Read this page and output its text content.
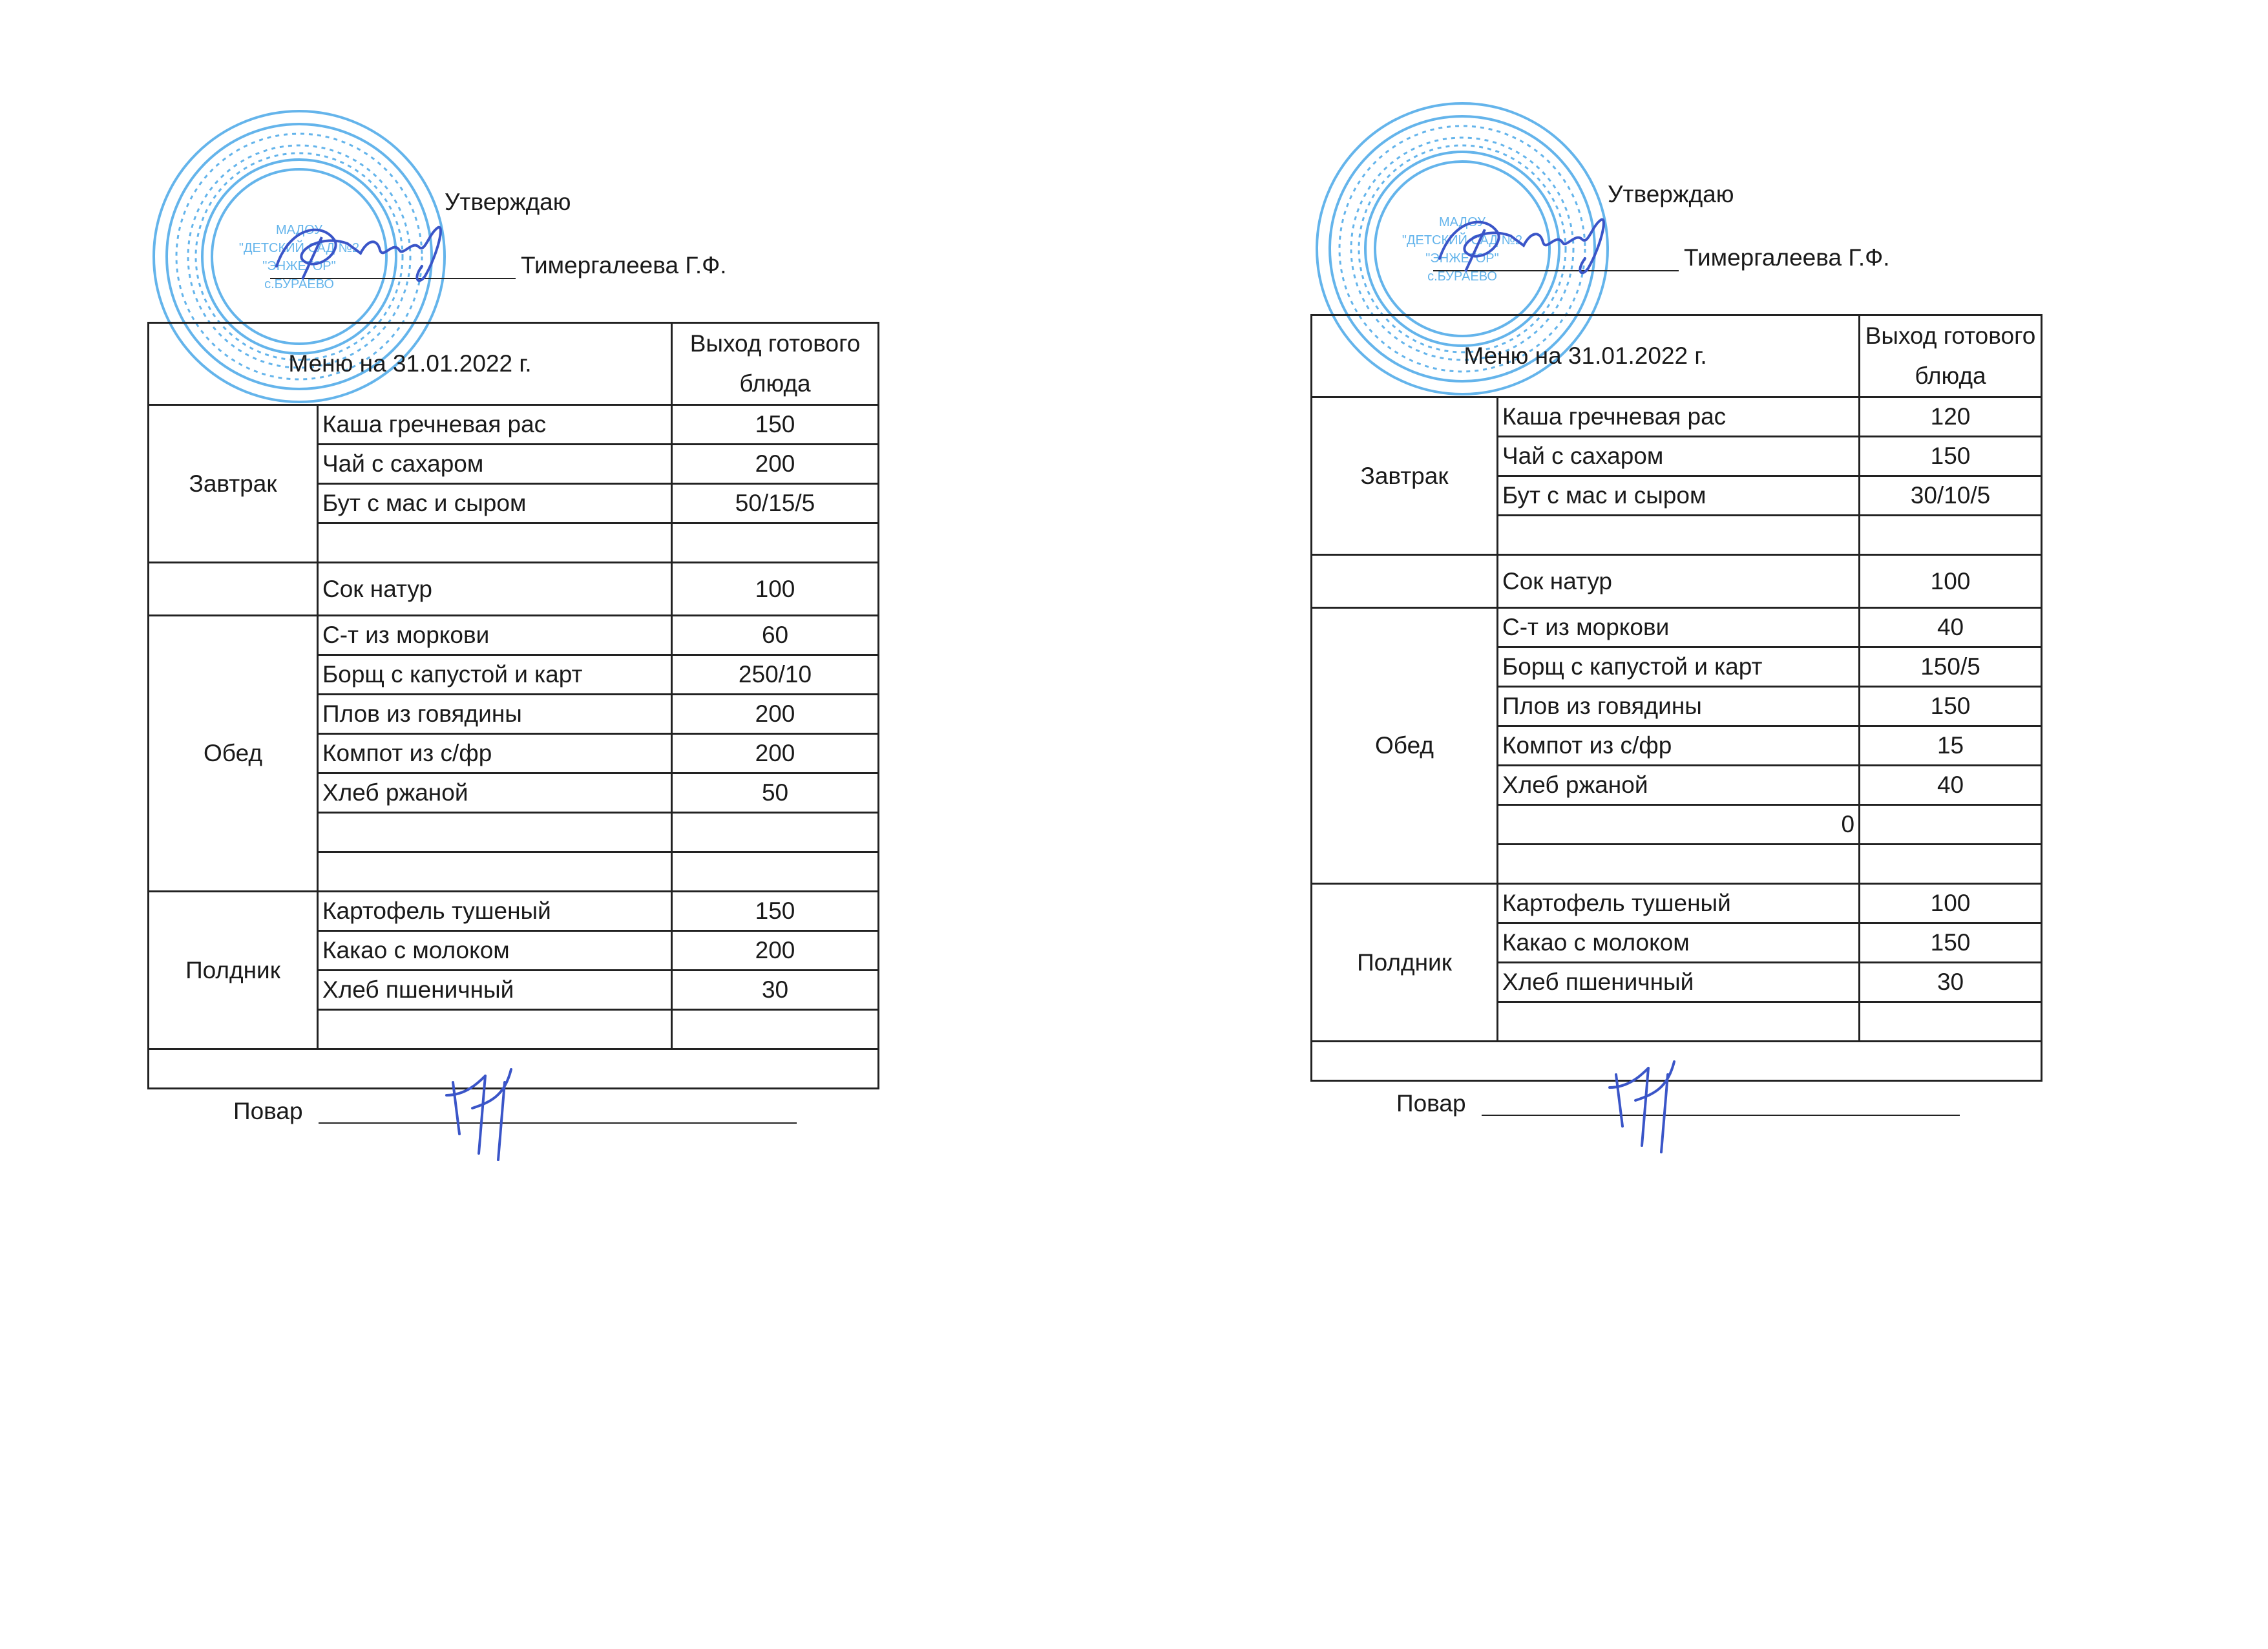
МАДОУ
"ДЕТСКИЙ САД №2
"ЭНЖЕГОР"
с.БУРАЕВО
Утверждаю
Тимергалеева Г.Ф.
Меню на 31.01.2022 г.		Выход готового блюда
Завтрак	Каша гречневая рас	150
	Чай с сахаром	200
	Бут с мас и сыром	50/15/5

	Сок натур	100
Обед	С-т из моркови	60
	Борщ с капустой и карт	250/10
	Плов из говядины	200
	Компот из с/фр	200
	Хлеб ржаной	50

Полдник	Картофель тушеный	150
	Какао с молоком	200
	Хлеб пшеничный	30

Повар		
МАДОУ
"ДЕТСКИЙ САД №2
"ЭНЖЕГОР"
с.БУРАЕВО
Утверждаю
Тимергалеева Г.Ф.
Меню на 31.01.2022 г.		Выход готового блюда
Завтрак	Каша гречневая рас	120
	Чай с сахаром	150
	Бут с мас и сыром	30/10/5

	Сок натур	100
Обед	С-т из моркови	40
	Борщ с капустой и карт	150/5
	Плов из говядины	150
	Компот из с/фр	15
	Хлеб ржаной	40
	0	

Полдник	Картофель тушеный	100
	Какао с молоком	150
	Хлеб пшеничный	30

Повар		
